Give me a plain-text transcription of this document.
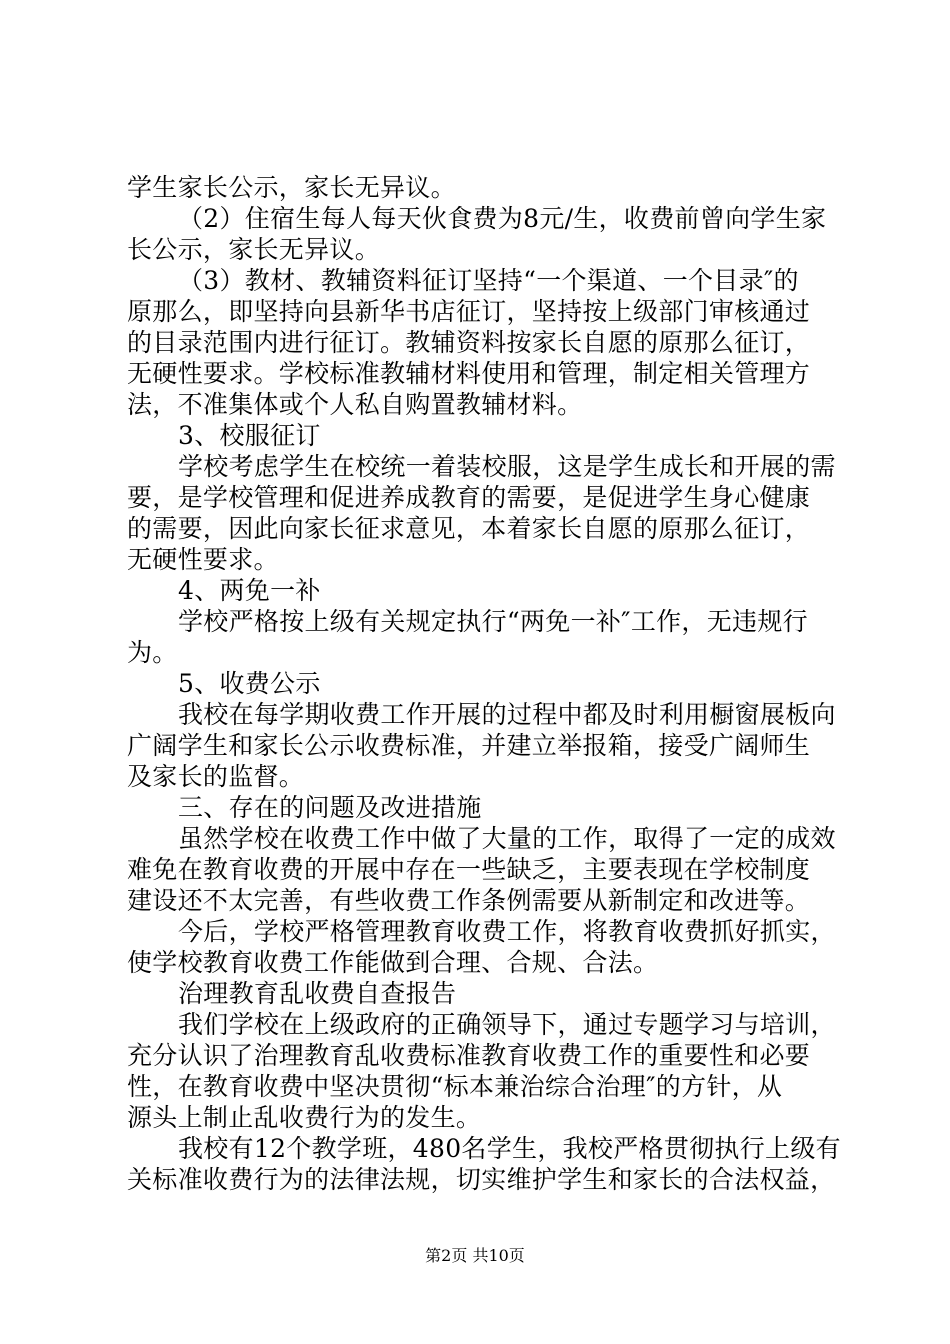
学生家长公示，家长无异议。
（2）住宿生每人每天伙食费为8元/生，收费前曾向学生家
长公示，家长无异议。
（3）教材、教辅资料征订坚持“一个渠道、一个目录″的
原那么，即坚持向县新华书店征订，坚持按上级部门审核通过
的目录范围内进行征订。教辅资料按家长自愿的原那么征订，
无硬性要求。学校标准教辅材料使用和管理，制定相关管理方
法，不准集体或个人私自购置教辅材料。
3、校服征订
学校考虑学生在校统一着装校服，这是学生成长和开展的需
要，是学校管理和促进养成教育的需要，是促进学生身心健康
的需要，因此向家长征求意见，本着家长自愿的原那么征订，
无硬性要求。
4、两免一补
学校严格按上级有关规定执行“两免一补″工作，无违规行
为。
5、收费公示
我校在每学期收费工作开展的过程中都及时利用橱窗展板向
广阔学生和家长公示收费标准，并建立举报箱，接受广阔师生
及家长的监督。
三、存在的问题及改进措施
虽然学校在收费工作中做了大量的工作，取得了一定的成效
难免在教育收费的开展中存在一些缺乏，主要表现在学校制度
建设还不太完善，有些收费工作条例需要从新制定和改进等。
今后，学校严格管理教育收费工作，将教育收费抓好抓实，
使学校教育收费工作能做到合理、合规、合法。
治理教育乱收费自查报告
我们学校在上级政府的正确领导下，通过专题学习与培训，
充分认识了治理教育乱收费标准教育收费工作的重要性和必要
性，在教育收费中坚决贯彻“标本兼治综合治理″的方针，从
源头上制止乱收费行为的发生。
我校有12个教学班，480名学生，我校严格贯彻执行上级有
关标准收费行为的法律法规，切实维护学生和家长的合法权益，
第2页 共10页
